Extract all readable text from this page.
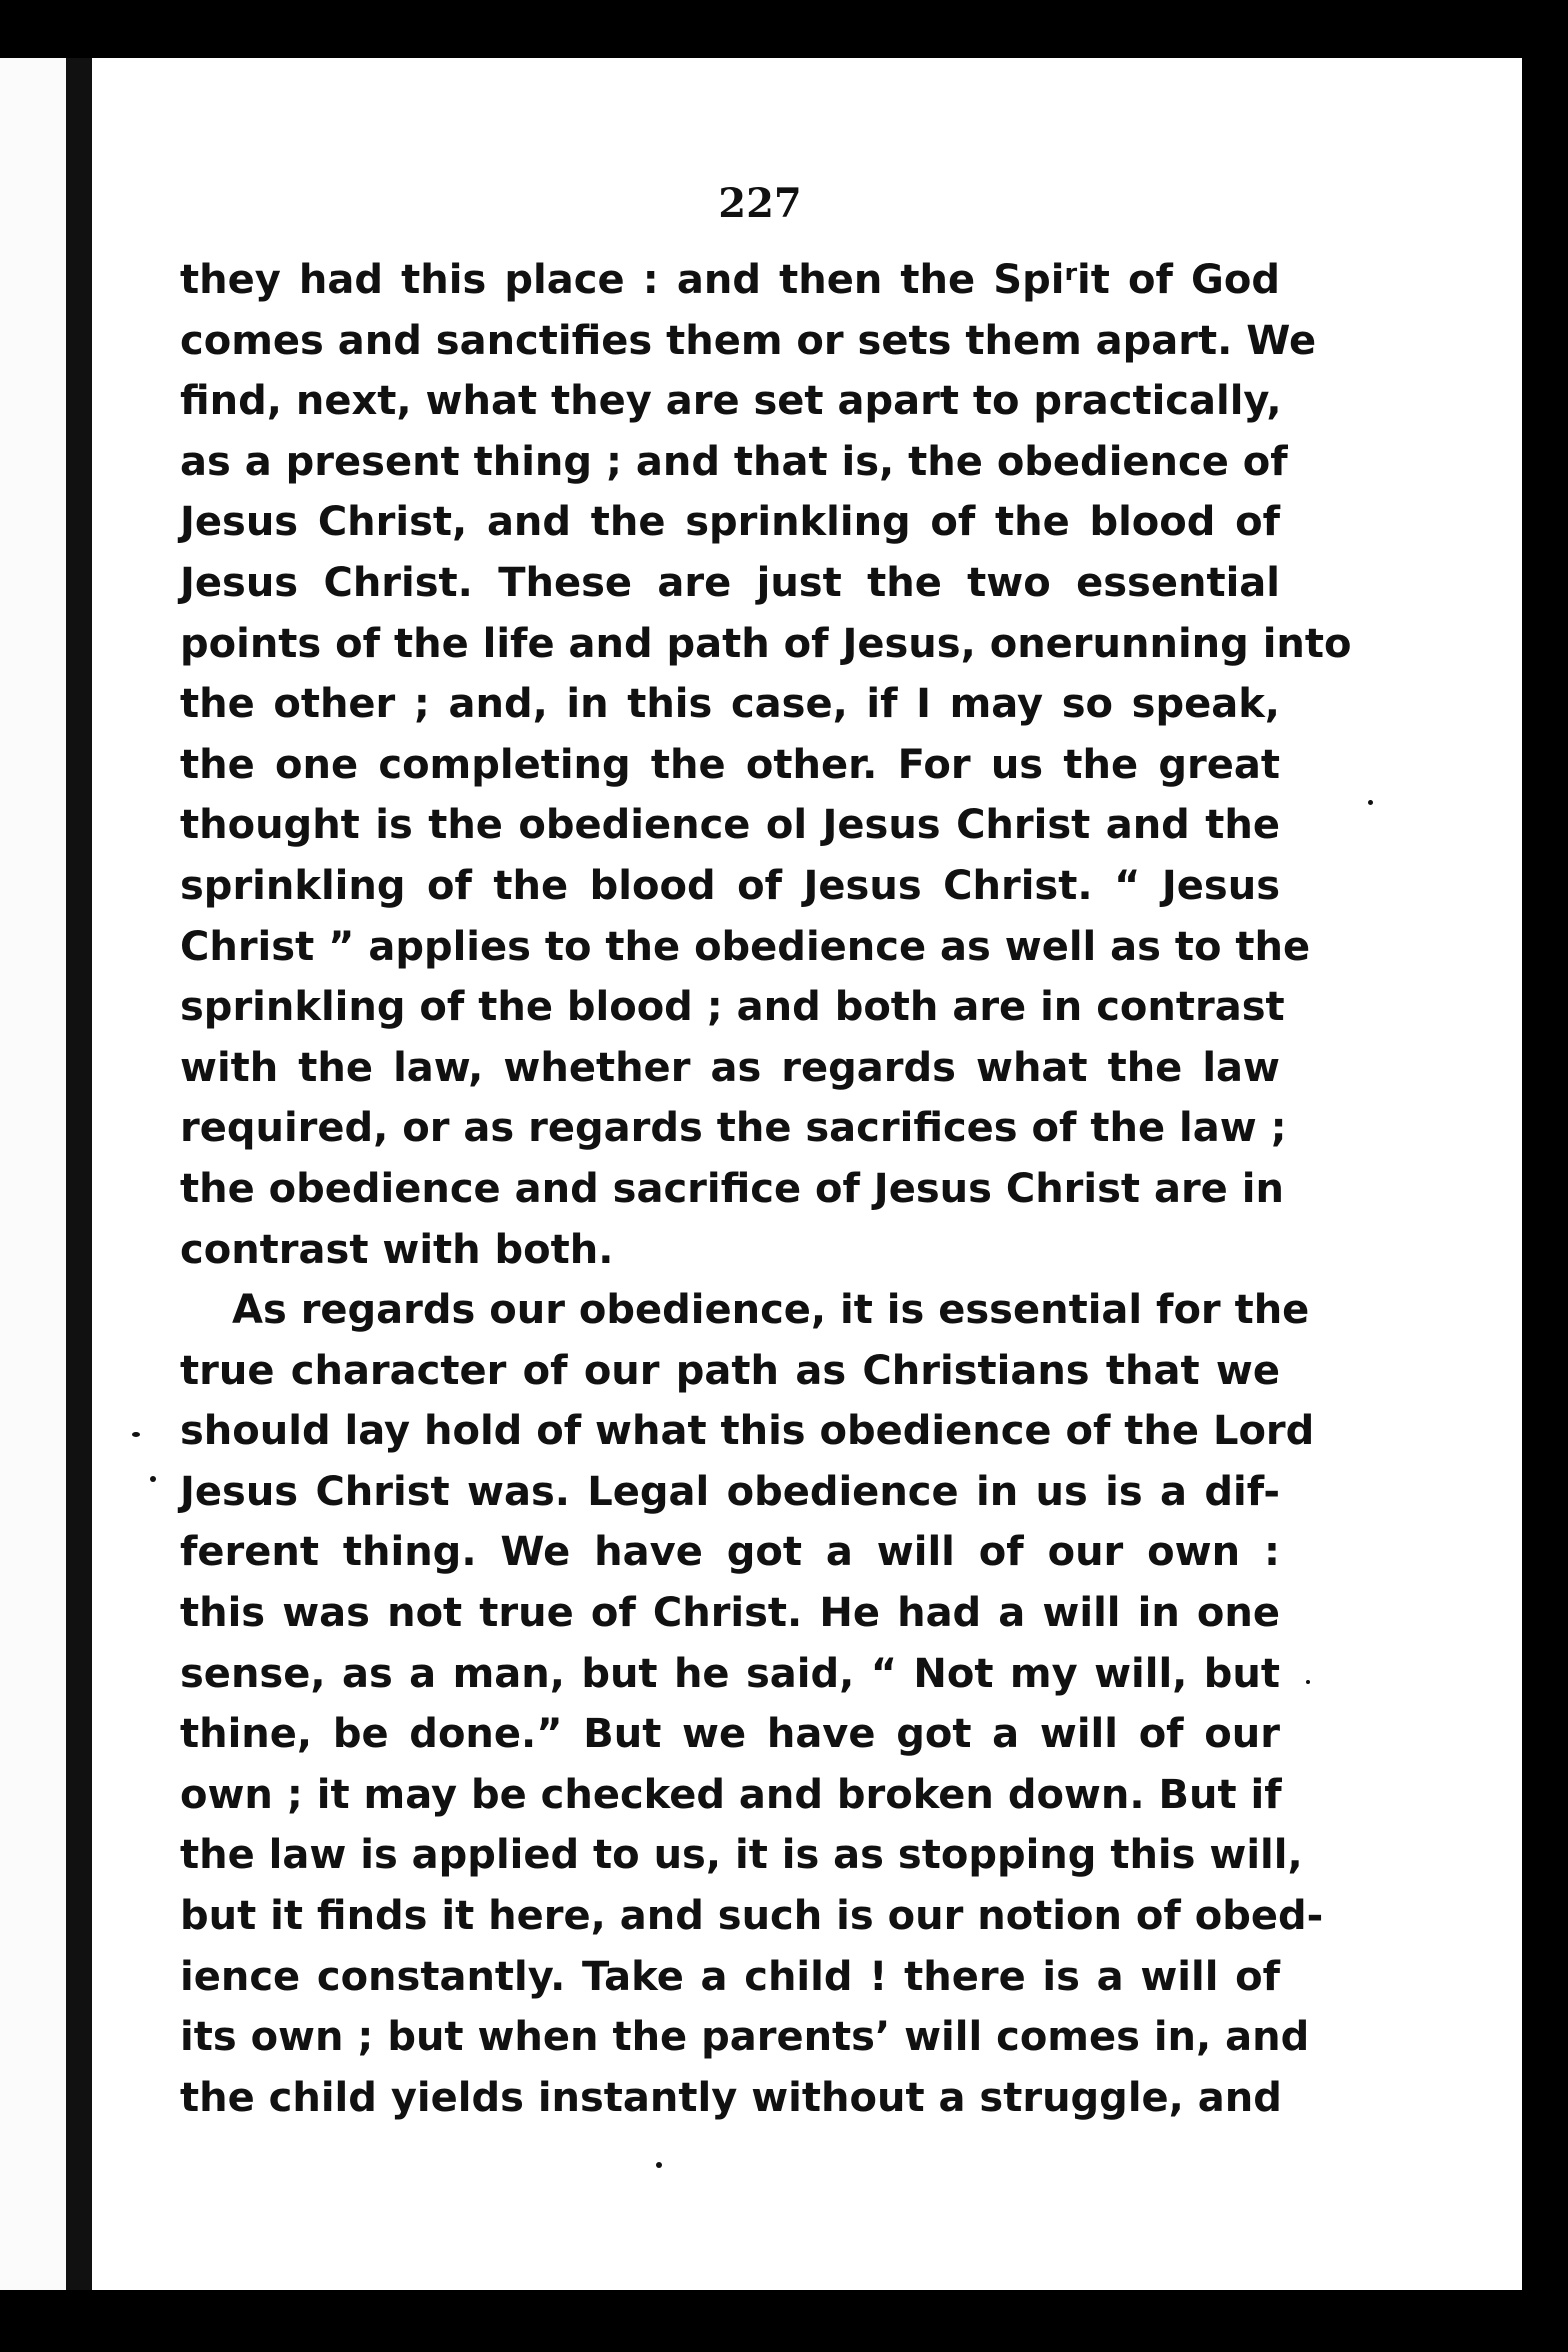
227
they had this place : and then the Spiʳit of God
comes and sanctifies them or sets them apart. We
find, next, what they are set apart to practically,
as a present thing ; and that is, the obedience of
Jesus Christ, and the sprinkling of the blood of
Jesus Christ. These are just the two essential
points of the life and path of Jesus, onerunning into
the other ; and, in this case, if I may so speak,
the one completing the other. For us the great
thought is the obedience ol Jesus Christ and the
sprinkling of the blood of Jesus Christ. “ Jesus
Christ ” applies to the obedience as well as to the
sprinkling of the blood ; and both are in contrast
with the law, whether as regards what the law
required, or as regards the sacrifices of the law ;
the obedience and sacrifice of Jesus Christ are in
contrast with both.
As regards our obedience, it is essential for the
true character of our path as Christians that we
should lay hold of what this obedience of the Lord
Jesus Christ was. Legal obedience in us is a dif-
ferent thing. We have got a will of our own :
this was not true of Christ. He had a will in one
sense, as a man, but he said, “ Not my will, but
thine, be done.” But we have got a will of our
own ; it may be checked and broken down. But if
the law is applied to us, it is as stopping this will,
but it finds it here, and such is our notion of obed-
ience constantly. Take a child ! there is a will of
its own ; but when the parents’ will comes in, and
the child yields instantly without a struggle, and
